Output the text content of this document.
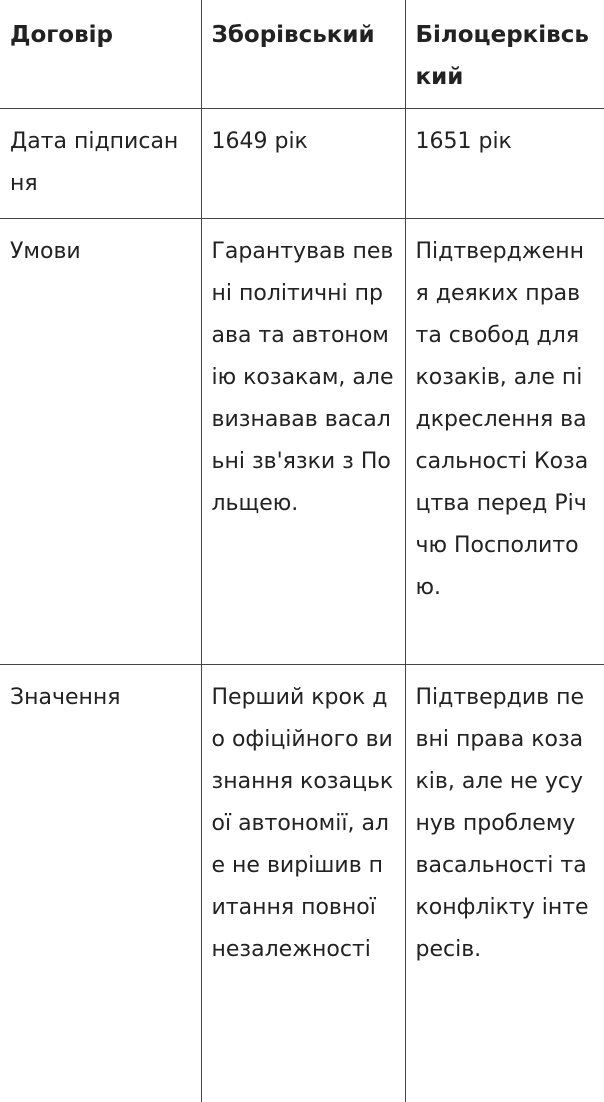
Договір	Зборівський	Білоцерківський
Дата підписання	1649 рік	1651 рік
Умови	Гарантував певні політичні права та автономію козакам, але визнавав васальні зв'язки з Польщею.	Підтвердження деяких прав та свобод для козаків, але підкреслення васальності Козацтва перед Річчю Посполитою.
Значення	Перший крок до офіційного визнання козацької автономії, але не вирішив питання повної незалежності	Підтвердив певні права козаків, але не усунув проблему васальності та конфлікту інтересів.
